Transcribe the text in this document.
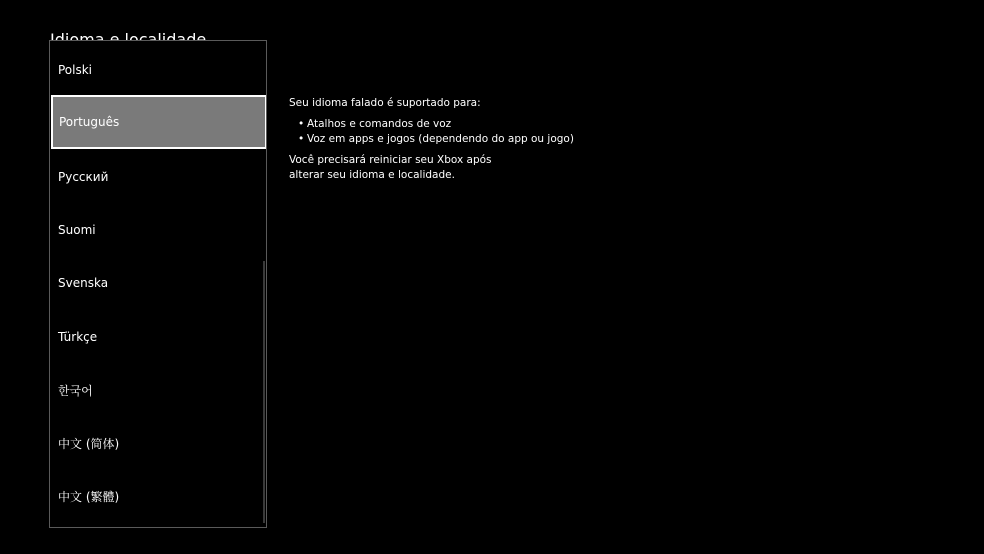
Polski
Português
Русский
Suomi
Svenska
Türkçe
한국어
中文 (简体)
中文 (繁體)

Seu idioma falado é suportado para:

• Atalhos e comandos de voz
• Voz em apps e jogos (dependendo do app ou jogo)

Você precisará reiniciar seu Xbox após alterar seu idioma e localidade.
